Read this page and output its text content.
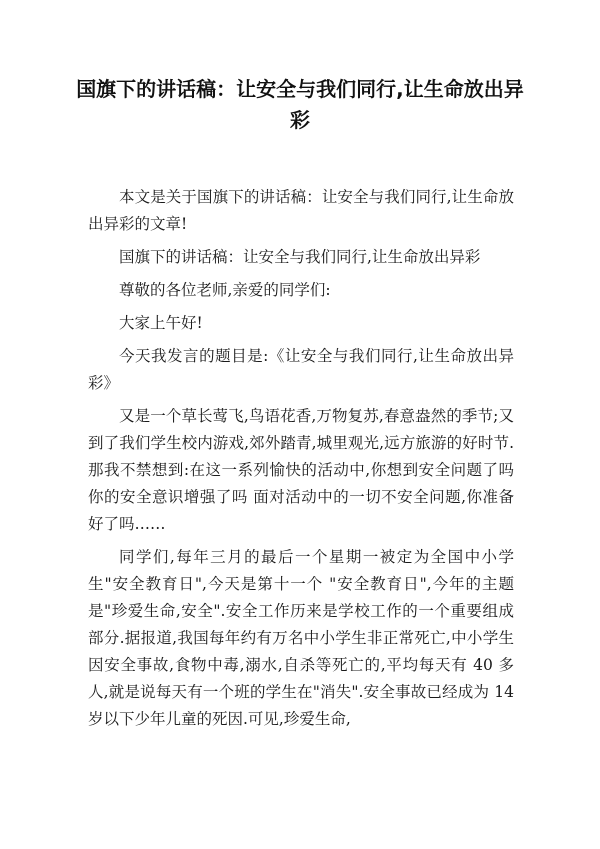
国旗下的讲话稿：让安全与我们同行,让生命放出异彩

本文是关于国旗下的讲话稿：让安全与我们同行,让生命放出异彩的文章!

国旗下的讲话稿：让安全与我们同行,让生命放出异彩

尊敬的各位老师,亲爱的同学们:

大家上午好!

今天我发言的题目是:《让安全与我们同行,让生命放出异彩》

又是一个草长莺飞,鸟语花香,万物复苏,春意盎然的季节;又到了我们学生校内游戏,郊外踏青,城里观光,远方旅游的好时节.那我不禁想到:在这一系列愉快的活动中,你想到安全问题了吗 你的安全意识增强了吗 面对活动中的一切不安全问题,你准备好了吗……

同学们,每年三月的最后一个星期一被定为全国中小学生"安全教育日",今天是第十一个 "安全教育日",今年的主题是"珍爱生命,安全".安全工作历来是学校工作的一个重要组成部分.据报道,我国每年约有万名中小学生非正常死亡,中小学生因安全事故,食物中毒,溺水,自杀等死亡的,平均每天有 40 多人,就是说每天有一个班的学生在"消失".安全事故已经成为 14 岁以下少年儿童的死因.可见,珍爱生命,
